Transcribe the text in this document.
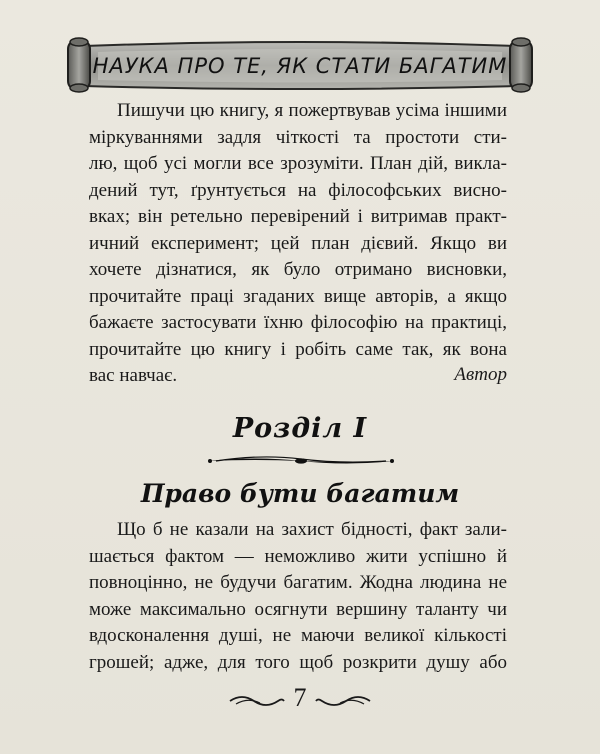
НАУКА ПРО ТЕ, ЯК СТАТИ БАГАТИМ
Пишучи цю книгу, я пожертвував усіма іншими
міркуваннями задля чіткості та простоти сти-
лю, щоб усі могли все зрозуміти. План дій, викла-
дений тут, ґрунтується на філософських висно-
вках; він ретельно перевірений і витримав практ-
ичний експеримент; цей план дієвий. Якщо ви
хочете дізнатися, як було отримано висновки,
прочитайте праці згаданих вище авторів, а якщо
бажаєте застосувати їхню філософію на практиці,
прочитайте цю книгу і робіть саме так, як вона
вас навчає.	Автор
Розділ I
Право бути багатим
Що б не казали на захист бідності, факт зали-
шається фактом — неможливо жити успішно й
повноцінно, не будучи багатим. Жодна людина не
може максимально осягнути вершину таланту чи
вдосконалення душі, не маючи великої кількості
грошей; адже, для того щоб розкрити душу або
7
